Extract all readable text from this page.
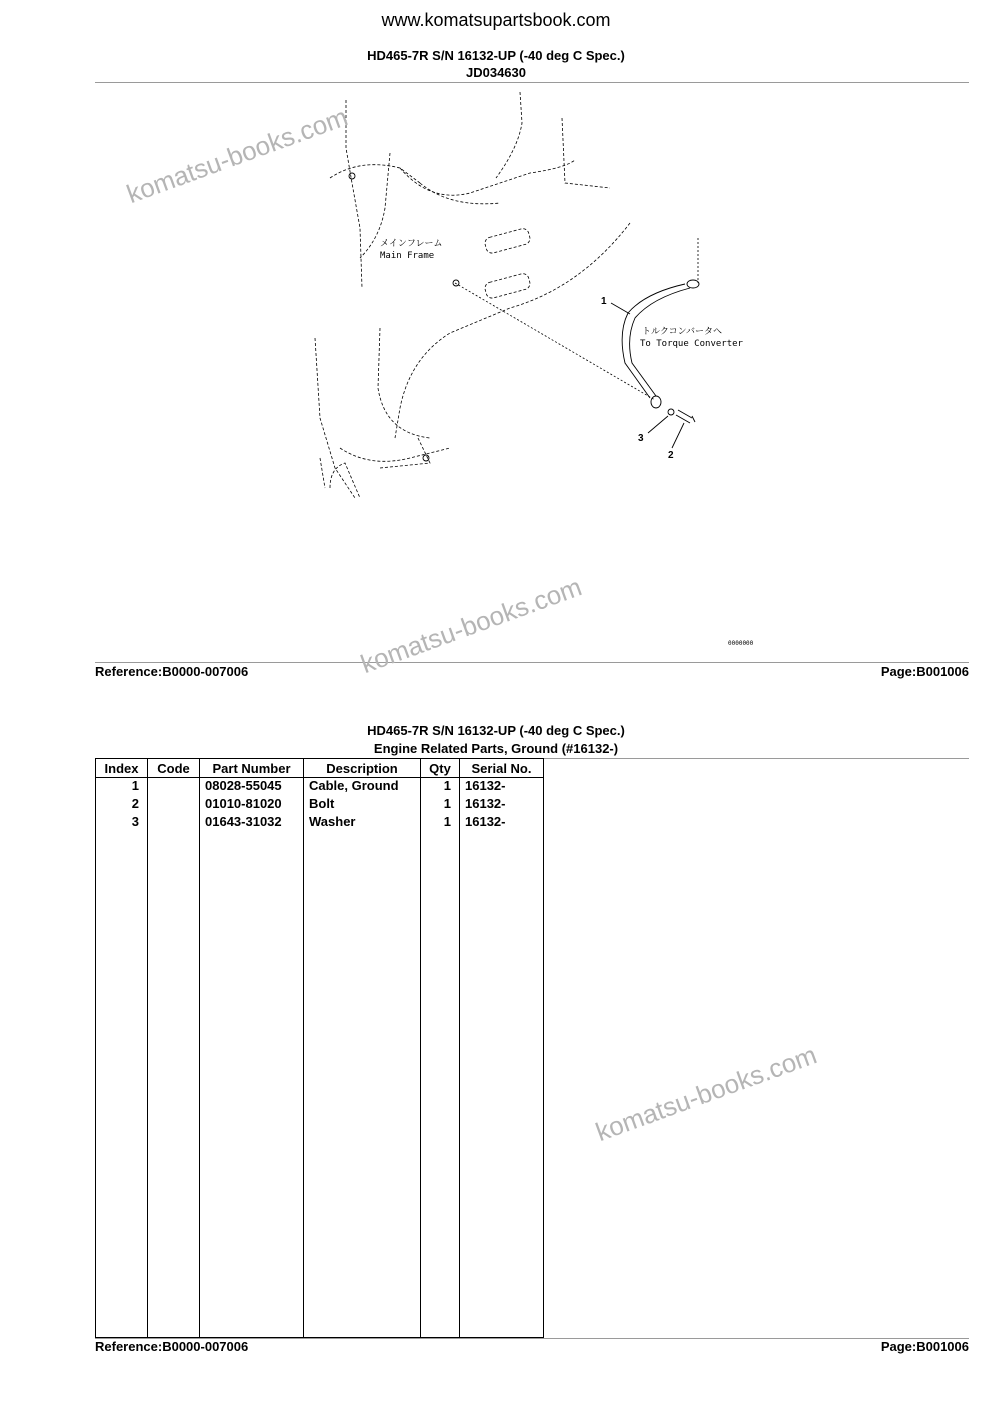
www.komatsupartsbook.com
HD465-7R S/N 16132-UP (-40 deg C Spec.)
JD034630
メインフレーム
Main Frame
トルクコンバータへ
To Torque Converter
1
2
3
0000000
Reference:B0000-007006	Page:B001006
HD465-7R S/N 16132-UP (-40 deg C Spec.)
Engine Related Parts, Ground (#16132-)
Index	Code	Part Number	Description	Qty	Serial No.
1		08028-55045	Cable, Ground	1	16132-
2		01010-81020	Bolt	1	16132-
3		01643-31032	Washer	1	16132-

Reference:B0000-007006	Page:B001006
komatsu-books.com
komatsu-books.com
komatsu-books.com
